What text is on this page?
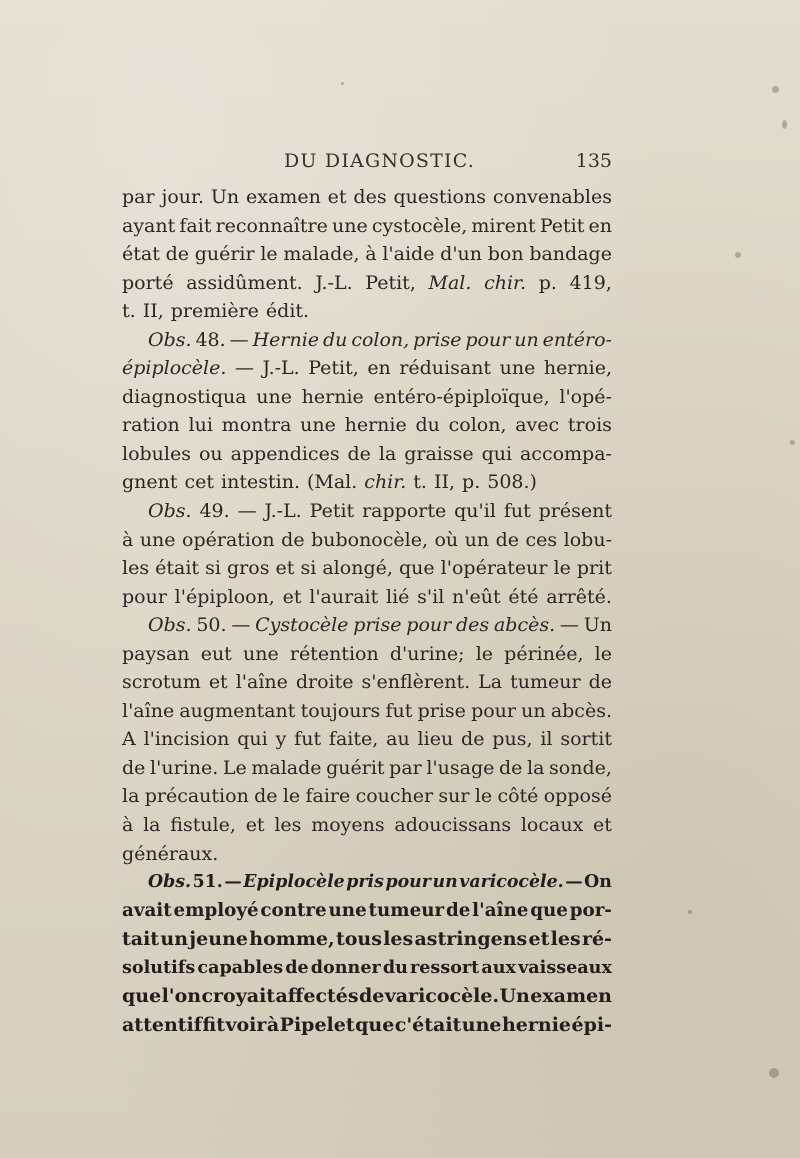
DU DIAGNOSTIC.	135
par jour. Un examen et des questions convenables
ayant fait reconnaître une cystocèle, mirent Petit en
état de guérir le malade, à l'aide d'un bon bandage
porté assidûment. J.-L. Petit, Mal. chir. p. 419,
t. II, première édit.
Obs. 48. — Hernie du colon, prise pour un entéro-
épiplocèle. — J.-L. Petit, en réduisant une hernie,
diagnostiqua une hernie entéro-épiploïque, l'opé-
ration lui montra une hernie du colon, avec trois
lobules ou appendices de la graisse qui accompa-
gnent cet intestin. (Mal. chir. t. II, p. 508.)
Obs. 49. — J.-L. Petit rapporte qu'il fut présent
à une opération de bubonocèle, où un de ces lobu-
les était si gros et si alongé, que l'opérateur le prit
pour l'épiploon, et l'aurait lié s'il n'eût été arrêté.
Obs. 50. — Cystocèle prise pour des abcès. — Un
paysan eut une rétention d'urine; le périnée, le
scrotum et l'aîne droite s'enflèrent. La tumeur de
l'aîne augmentant toujours fut prise pour un abcès.
A l'incision qui y fut faite, au lieu de pus, il sortit
de l'urine. Le malade guérit par l'usage de la sonde,
la précaution de le faire coucher sur le côté opposé
à la fistule, et les moyens adoucissans locaux et
généraux.
Obs. 51. — Epiplocèle pris pour un varicocèle. — On
avait employé contre une tumeur de l'aîne que por-
tait un jeune homme, tous les astringens et les ré-
solutifs capables de donner du ressort aux vaisseaux
que l'on croyait affectés de varicocèle. Un examen
attentif fit voir à Pipelet que c'était une hernie épi-
